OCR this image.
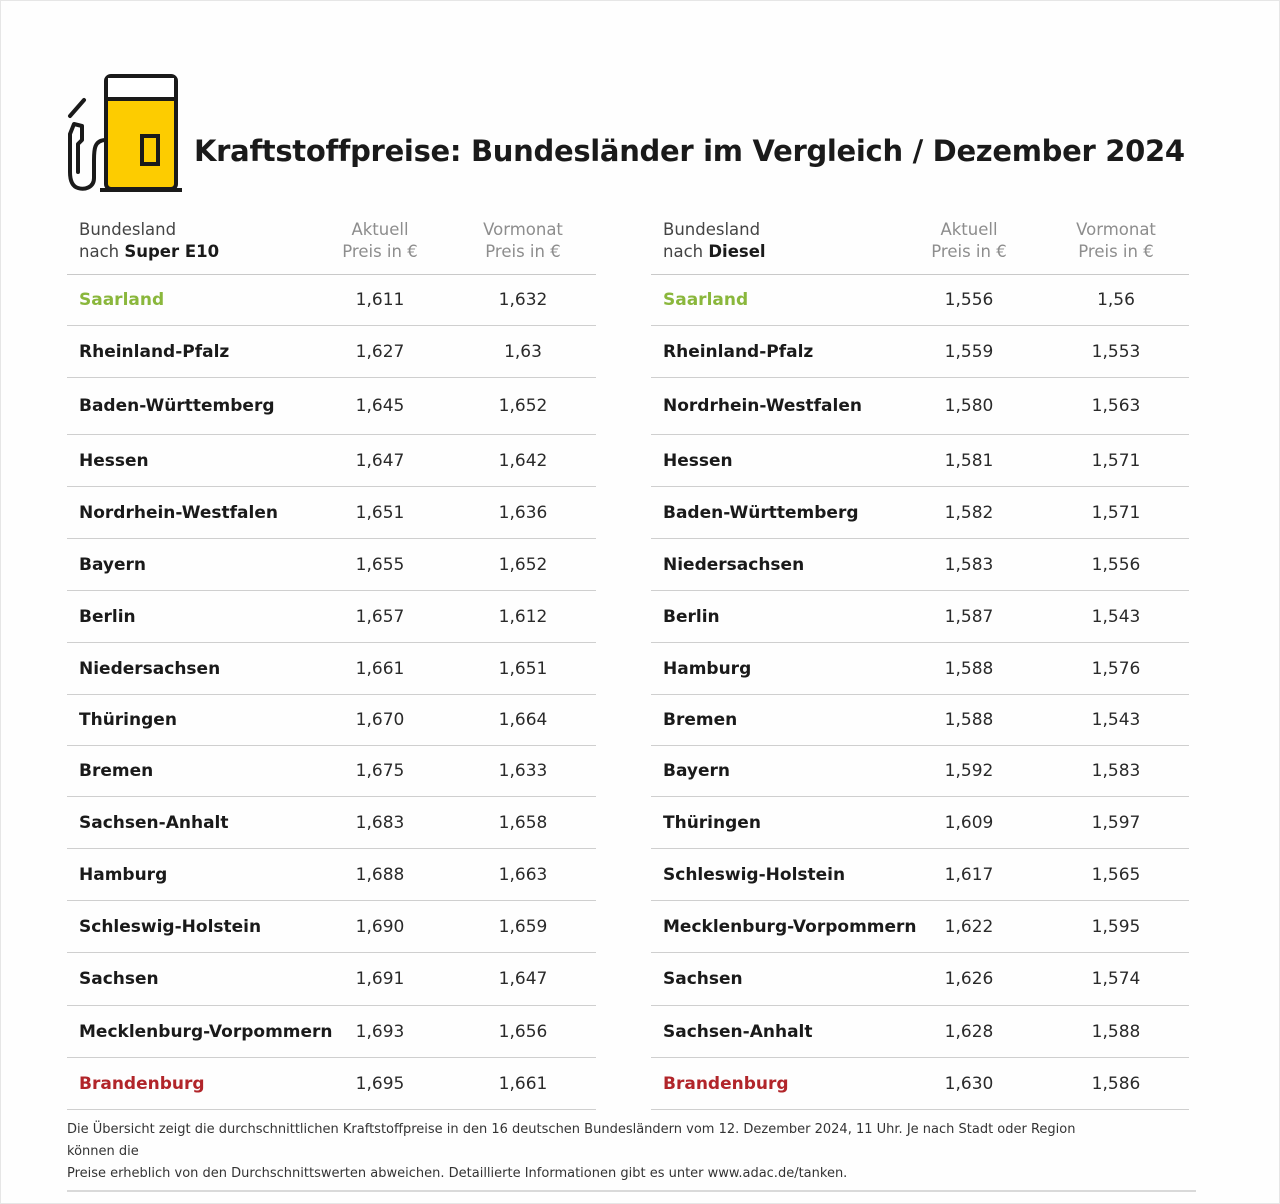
Kraftstoffpreise: Bundesländer im Vergleich / Dezember 2024
Bundesland
nach Super E10
Aktuell
Preis in €
Vormonat
Preis in €
Saarland	1,611	1,632
Rheinland-Pfalz	1,627	1,63
Baden-Württemberg	1,645	1,652
Hessen	1,647	1,642
Nordrhein-Westfalen	1,651	1,636
Bayern	1,655	1,652
Berlin	1,657	1,612
Niedersachsen	1,661	1,651
Thüringen	1,670	1,664
Bremen	1,675	1,633
Sachsen-Anhalt	1,683	1,658
Hamburg	1,688	1,663
Schleswig-Holstein	1,690	1,659
Sachsen	1,691	1,647
Mecklenburg-Vorpommern	1,693	1,656
Brandenburg	1,695	1,661
Bundesland
nach Diesel
Aktuell
Preis in €
Vormonat
Preis in €
Saarland	1,556	1,56
Rheinland-Pfalz	1,559	1,553
Nordrhein-Westfalen	1,580	1,563
Hessen	1,581	1,571
Baden-Württemberg	1,582	1,571
Niedersachsen	1,583	1,556
Berlin	1,587	1,543
Hamburg	1,588	1,576
Bremen	1,588	1,543
Bayern	1,592	1,583
Thüringen	1,609	1,597
Schleswig-Holstein	1,617	1,565
Mecklenburg-Vorpommern	1,622	1,595
Sachsen	1,626	1,574
Sachsen-Anhalt	1,628	1,588
Brandenburg	1,630	1,586
Die Übersicht zeigt die durchschnittlichen Kraftstoffpreise in den 16 deutschen Bundesländern vom 12. Dezember 2024, 11 Uhr. Je nach Stadt oder Region können die
Preise erheblich von den Durchschnittswerten abweichen. Detaillierte Informationen gibt es unter www.adac.de/tanken.
